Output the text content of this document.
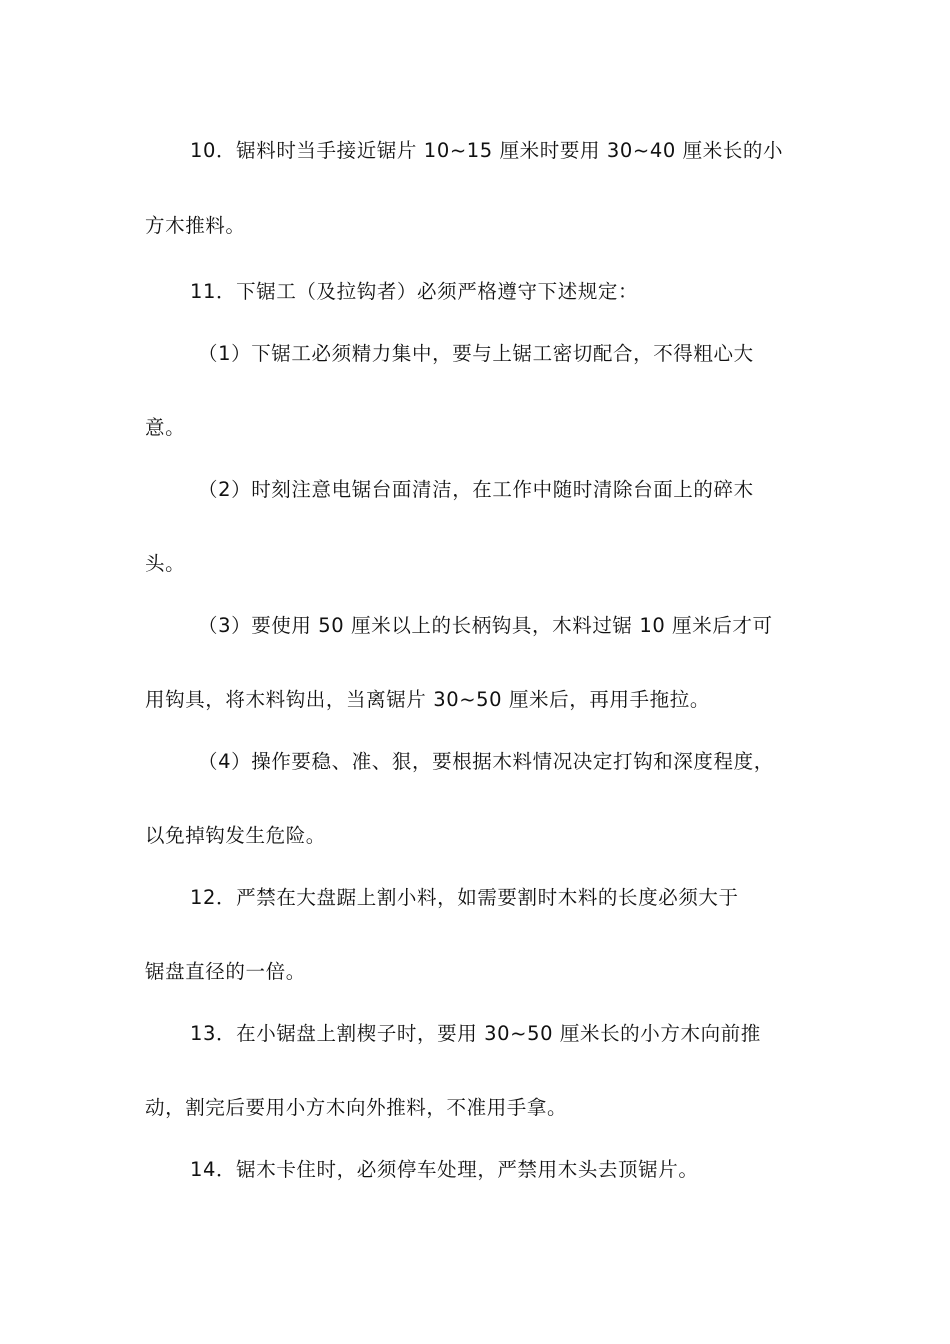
10．锯料时当手接近锯片 10~15 厘米时要用 30~40 厘米长的小
方木推料。
11．下锯工（及拉钩者）必须严格遵守下述规定：
（1）下锯工必须精力集中，要与上锯工密切配合，不得粗心大
意。
（2）时刻注意电锯台面清洁，在工作中随时清除台面上的碎木
头。
（3）要使用 50 厘米以上的长柄钩具，木料过锯 10 厘米后才可
用钩具，将木料钩出，当离锯片 30~50 厘米后，再用手拖拉。
（4）操作要稳、准、狠，要根据木料情况决定打钩和深度程度，
以免掉钩发生危险。
12．严禁在大盘踞上割小料，如需要割时木料的长度必须大于
锯盘直径的一倍。
13．在小锯盘上割楔子时，要用 30~50 厘米长的小方木向前推
动，割完后要用小方木向外推料，不准用手拿。
14．锯木卡住时，必须停车处理，严禁用木头去顶锯片。
